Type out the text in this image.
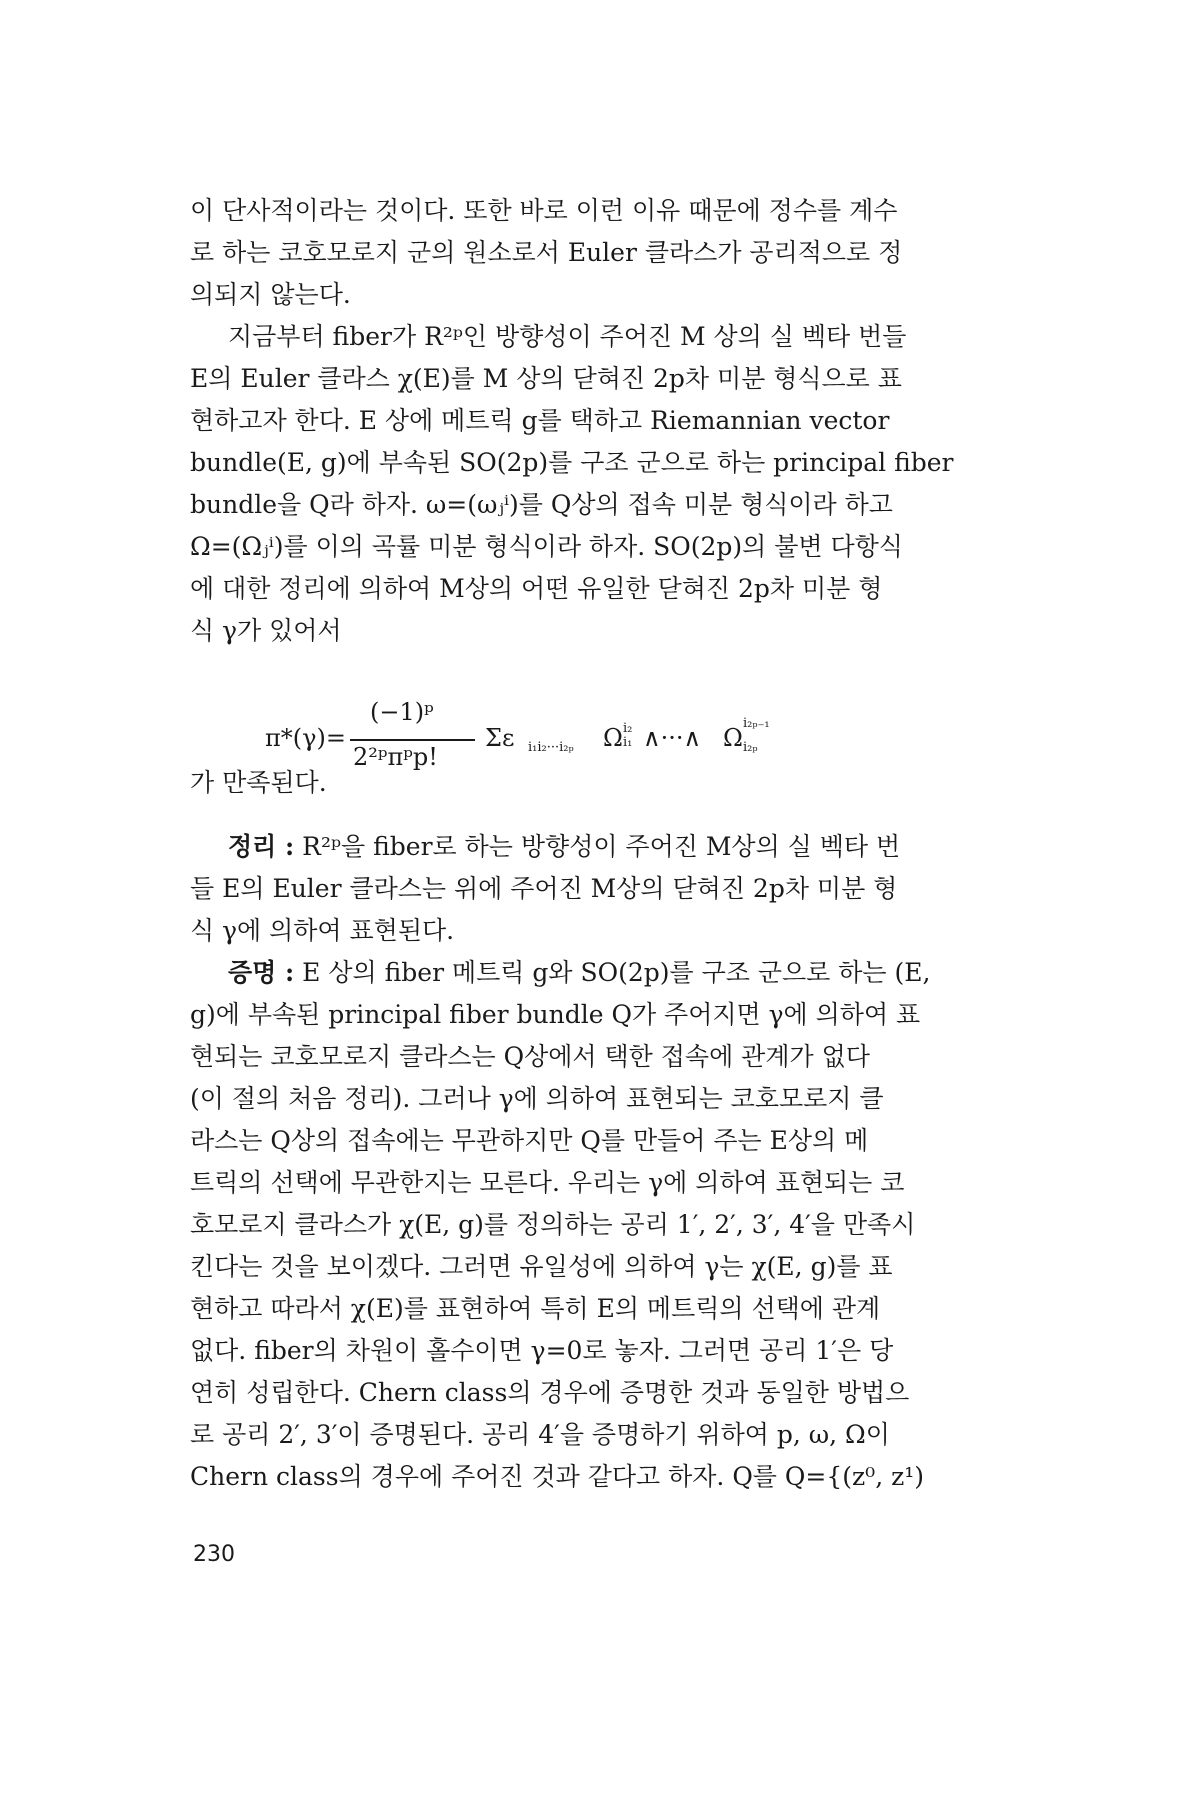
이 단사적이라는 것이다. 또한 바로 이런 이유 때문에 정수를 계수
로 하는 코호모로지 군의 원소로서 Euler 클라스가 공리적으로 정
의되지 않는다.

지금부터 fiber가 R²ᵖ인 방향성이 주어진 M 상의 실 벡타 번들
E의 Euler 클라스 χ(E)를 M 상의 닫혀진 2p차 미분 형식으로 표
현하고자 한다. E 상에 메트릭 g를 택하고 Riemannian vector
bundle(E, g)에 부속된 SO(2p)를 구조 군으로 하는 principal fiber
bundle을 Q라 하자. ω=(ωⱼⁱ)를 Q상의 접속 미분 형식이라 하고
Ω=(Ωⱼⁱ)를 이의 곡률 미분 형식이라 하자. SO(2p)의 불변 다항식
에 대한 정리에 의하여 M상의 어떤 유일한 닫혀진 2p차 미분 형
식 γ가 있어서

가 만족된다.

정리 : R²ᵖ을 fiber로 하는 방향성이 주어진 M상의 실 벡타 번
들 E의 Euler 클라스는 위에 주어진 M상의 닫혀진 2p차 미분 형
식 γ에 의하여 표현된다.

증명 : E 상의 fiber 메트릭 g와 SO(2p)를 구조 군으로 하는 (E,
g)에 부속된 principal fiber bundle Q가 주어지면 γ에 의하여 표
현되는 코호모로지 클라스는 Q상에서 택한 접속에 관계가 없다
(이 절의 처음 정리). 그러나 γ에 의하여 표현되는 코호모로지 클
라스는 Q상의 접속에는 무관하지만 Q를 만들어 주는 E상의 메
트릭의 선택에 무관한지는 모른다. 우리는 γ에 의하여 표현되는 코
호모로지 클라스가 χ(E, g)를 정의하는 공리 1′, 2′, 3′, 4′을 만족시
킨다는 것을 보이겠다. 그러면 유일성에 의하여 γ는 χ(E, g)를 표
현하고 따라서 χ(E)를 표현하여 특히 E의 메트릭의 선택에 관계
없다. fiber의 차원이 홀수이면 γ=0로 놓자. 그러면 공리 1′은 당
연히 성립한다. Chern class의 경우에 증명한 것과 동일한 방법으
로 공리 2′, 3′이 증명된다. 공리 4′을 증명하기 위하여 p, ω, Ω이
Chern class의 경우에 주어진 것과 같다고 하자. Q를 Q={(z⁰, z¹)

π*(γ)=
(−1)ᵖ
2²ᵖπᵖp!
Σε i₁i₂···i₂ₚ Ω i₂ i₁ ∧···∧ Ω
i₂ₚ₋₁
i₂ₚ
230
